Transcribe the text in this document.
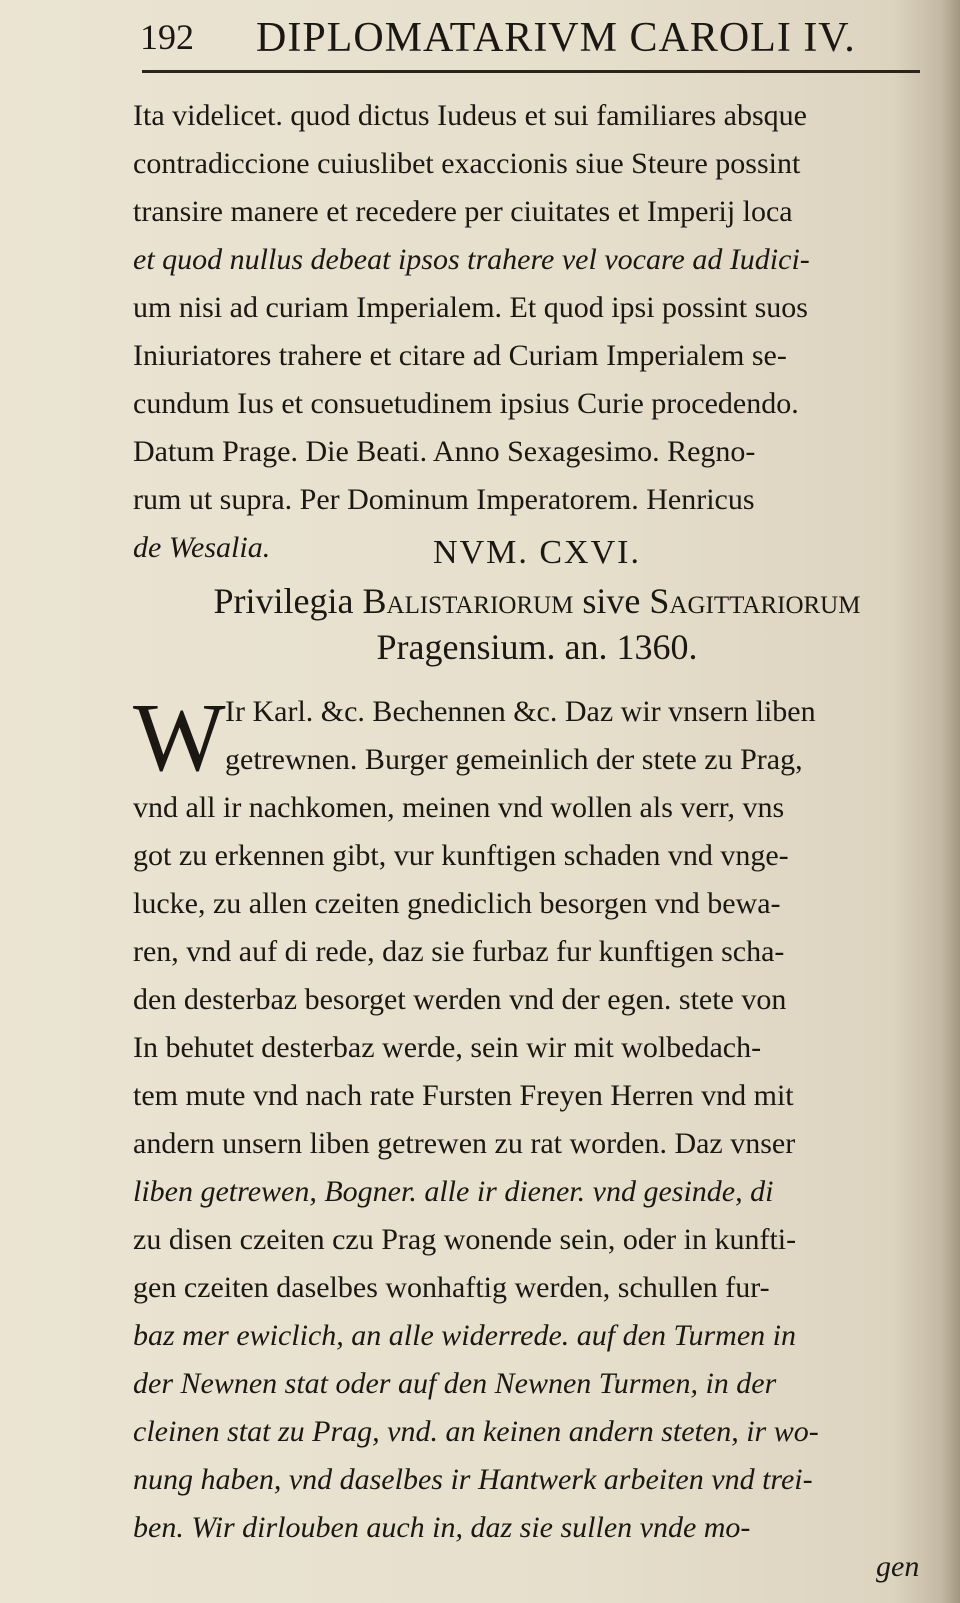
192 DIPLOMATARIVM CAROLI IV.
Ita videlicet. quod dictus Iudeus et sui familiares absque
contradiccione cuiuslibet exaccionis siue Steure possint
transire manere et recedere per ciuitates et Imperij loca
et quod nullus debeat ipsos trahere vel vocare ad Iudici-
um nisi ad curiam Imperialem. Et quod ipsi possint suos
Iniuriatores trahere et citare ad Curiam Imperialem se-
cundum Ius et consuetudinem ipsius Curie procedendo.
Datum Prage. Die Beati. Anno Sexagesimo. Regno-
rum ut supra. Per Dominum Imperatorem. Henricus
de Wesalia.	NVM. CXVI.
Privilegia Balistariorum sive Sagittariorum
Pragensium. an. 1360.
W Ir Karl. &c. Bechennen &c. Daz wir vnsern liben
getrewnen. Burger gemeinlich der stete zu Prag,
vnd all ir nachkomen, meinen vnd wollen als verr, vns
got zu erkennen gibt, vur kunftigen schaden vnd vnge-
lucke, zu allen czeiten gnediclich besorgen vnd bewa-
ren, vnd auf di rede, daz sie furbaz fur kunftigen scha-
den desterbaz besorget werden vnd der egen. stete von
In behutet desterbaz werde, sein wir mit wolbedach-
tem mute vnd nach rate Fursten Freyen Herren vnd mit
andern unsern liben getrewen zu rat worden. Daz vnser
liben getrewen, Bogner. alle ir diener. vnd gesinde, di
zu disen czeiten czu Prag wonende sein, oder in kunfti-
gen czeiten daselbes wonhaftig werden, schullen fur-
baz mer ewiclich, an alle widerrede. auf den Turmen in
der Newnen stat oder auf den Newnen Turmen, in der
cleinen stat zu Prag, vnd. an keinen andern steten, ir wo-
nung haben, vnd daselbes ir Hantwerk arbeiten vnd trei-
ben. Wir dirlouben auch in, daz sie sullen vnde mo-
gen
